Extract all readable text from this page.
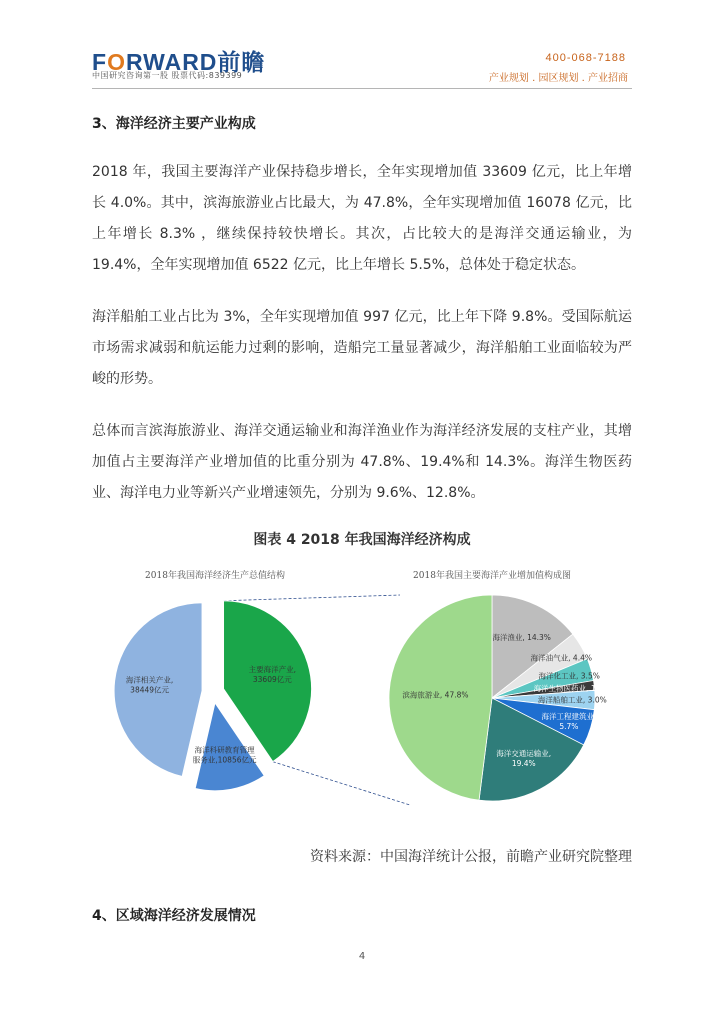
FORWARD前瞻
中国研究咨询第一股 股票代码:839399
400-068-7188
产业规划 . 园区规划 . 产业招商
3、海洋经济主要产业构成
2018 年，我国主要海洋产业保持稳步增长，全年实现增加值 33609 亿元，比上年增长 4.0%。其中，滨海旅游业占比最大，为 47.8%，全年实现增加值 16078 亿元，比上年增长 8.3% ，继续保持较快增长。其次，占比较大的是海洋交通运输业，为 19.4%，全年实现增加值 6522 亿元，比上年增长 5.5%，总体处于稳定状态。
海洋船舶工业占比为 3%，全年实现增加值 997 亿元，比上年下降 9.8%。受国际航运市场需求减弱和航运能力过剩的影响，造船完工量显著减少，海洋船舶工业面临较为严峻的形势。
总体而言滨海旅游业、海洋交通运输业和海洋渔业作为海洋经济发展的支柱产业，其增加值占主要海洋产业增加值的比重分别为 47.8%、19.4%和 14.3%。海洋生物医药业、海洋电力业等新兴产业增速领先，分别为 9.6%、12.8%。
图表 4 2018 年我国海洋经济构成
2018年我国海洋经济生产总值结构	2018年我国主要海洋产业增加值构成图
主要海洋产业, 33609亿元
海洋科研教育管理服务业,10856亿元
海洋相关产业, 38449亿元
海洋渔业, 14.3%
海洋油气业, 4.4%
海洋化工业, 3.5%
海洋生物医药业, 1.5%
海洋船舶工业, 3.0%
海洋工程建筑业, 5.7%
海洋交通运输业, 19.4%
滨海旅游业, 47.8%
资料来源：中国海洋统计公报，前瞻产业研究院整理
4、区域海洋经济发展情况
4
